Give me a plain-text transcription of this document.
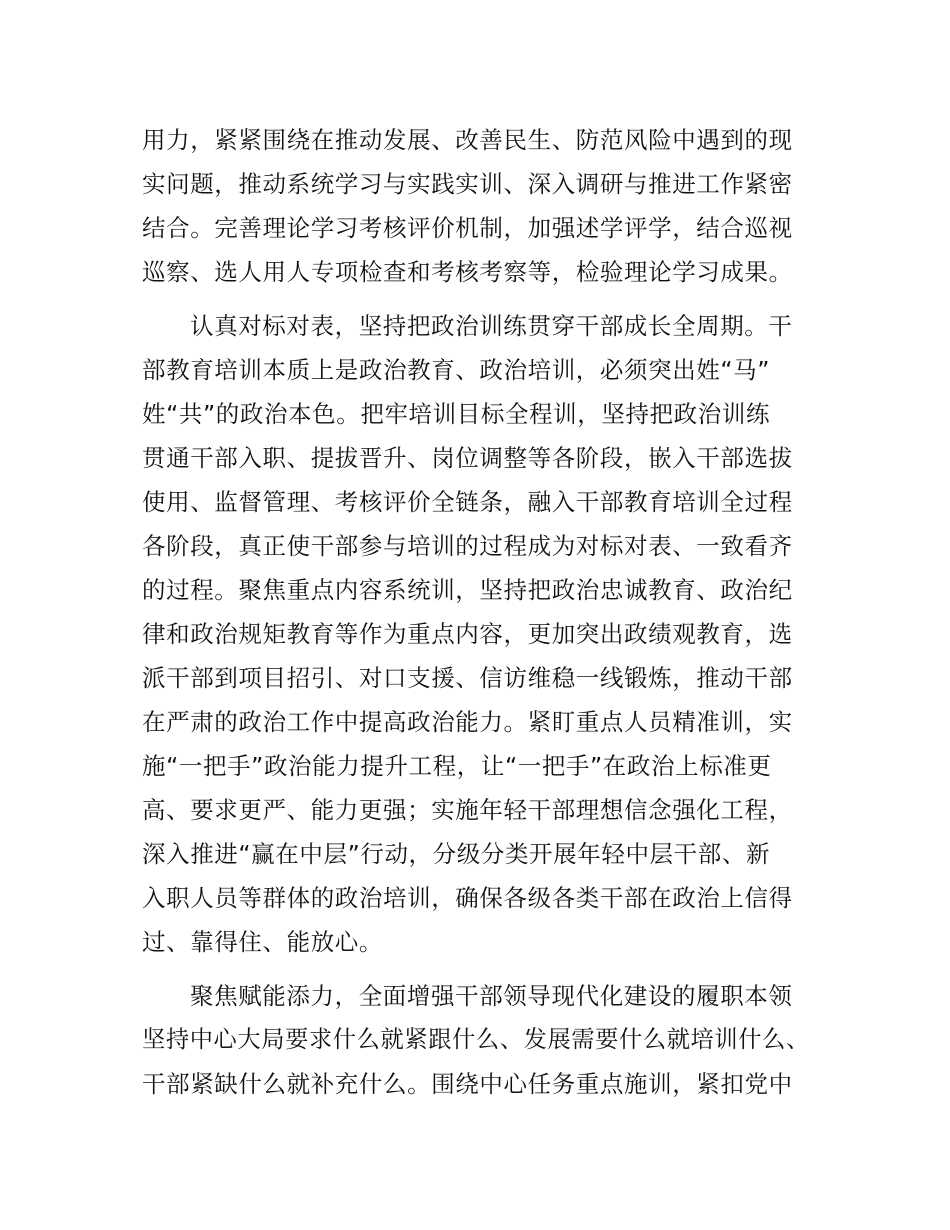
用力，紧紧围绕在推动发展、改善民生、防范风险中遇到的现
实问题，推动系统学习与实践实训、深入调研与推进工作紧密
结合。完善理论学习考核评价机制，加强述学评学，结合巡视
巡察、选人用人专项检查和考核考察等，检验理论学习成果。

认真对标对表，坚持把政治训练贯穿干部成长全周期。干
部教育培训本质上是政治教育、政治培训，必须突出姓“马”
姓“共”的政治本色。把牢培训目标全程训，坚持把政治训练
贯通干部入职、提拔晋升、岗位调整等各阶段，嵌入干部选拔
使用、监督管理、考核评价全链条，融入干部教育培训全过程
各阶段，真正使干部参与培训的过程成为对标对表、一致看齐
的过程。聚焦重点内容系统训，坚持把政治忠诚教育、政治纪
律和政治规矩教育等作为重点内容，更加突出政绩观教育，选
派干部到项目招引、对口支援、信访维稳一线锻炼，推动干部
在严肃的政治工作中提高政治能力。紧盯重点人员精准训，实
施“一把手”政治能力提升工程，让“一把手”在政治上标准更
高、要求更严、能力更强；实施年轻干部理想信念强化工程，
深入推进“赢在中层”行动，分级分类开展年轻中层干部、新
入职人员等群体的政治培训，确保各级各类干部在政治上信得
过、靠得住、能放心。

聚焦赋能添力，全面增强干部领导现代化建设的履职本领
坚持中心大局要求什么就紧跟什么、发展需要什么就培训什么、
干部紧缺什么就补充什么。围绕中心任务重点施训，紧扣党中
